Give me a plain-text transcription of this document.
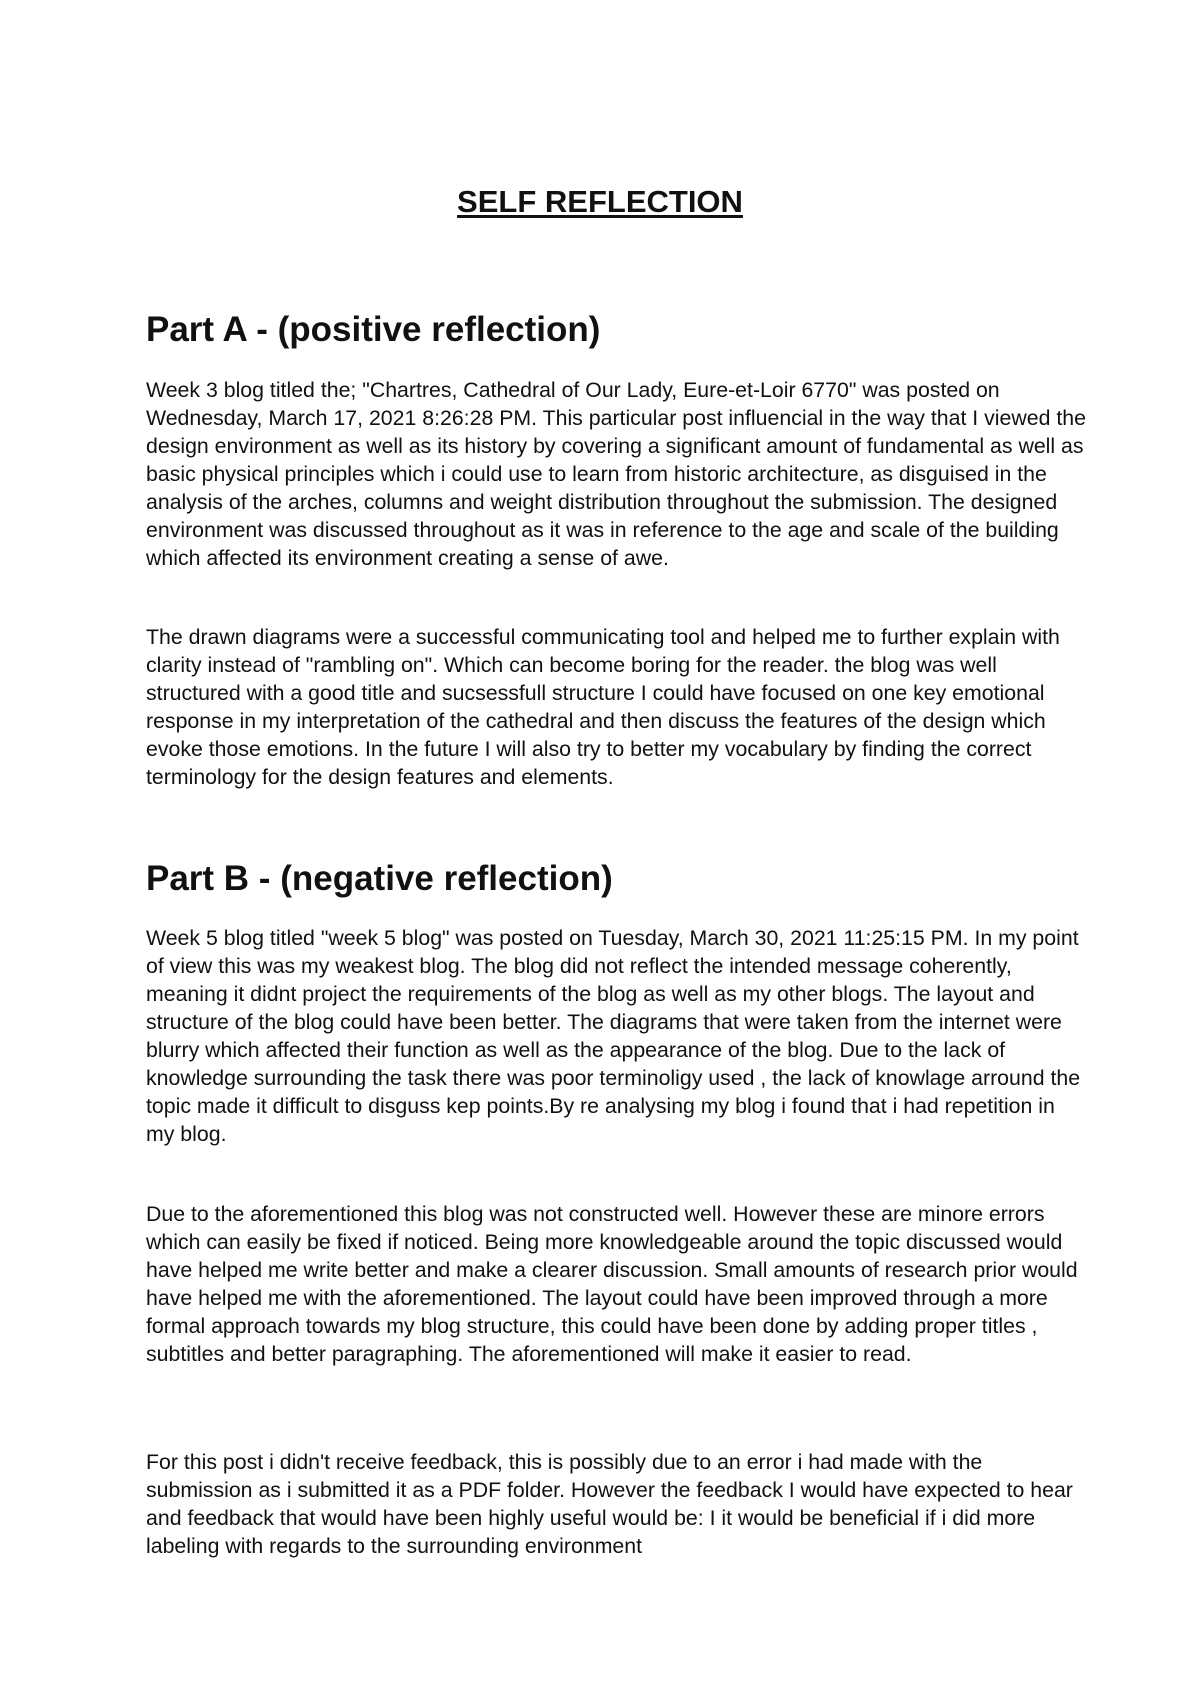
SELF REFLECTION
Part A - (positive reflection)

Week 3 blog titled the; "Chartres, Cathedral of Our Lady, Eure-et-Loir 6770" was posted on Wednesday, March 17, 2021 8:26:28 PM. This particular post influencial in the way that I viewed the design environment as well as its history by covering a significant amount of fundamental as well as basic physical principles which i could use to learn from historic architecture, as disguised in the analysis of the arches, columns and weight distribution throughout the submission. The designed environment was discussed throughout as it was in reference to the age and scale of the building which affected its environment creating a sense of awe.

The drawn diagrams were a successful communicating tool and helped me to further explain with clarity instead of "rambling on". Which can become boring for the reader. the blog was well structured with a good title and sucsessfull structure I could have focused on one key emotional response in my interpretation of the cathedral and then discuss the features of the design which evoke those emotions. In the future I will also try to better my vocabulary by finding the correct terminology for the design features and elements.

Part B - (negative reflection)

Week 5 blog titled "week 5 blog" was posted on Tuesday, March 30, 2021 11:25:15 PM. In my point of view this was my weakest blog. The blog did not reflect the intended message coherently, meaning it didnt project the requirements of the blog as well as my other blogs. The layout and structure of the blog could have been better. The diagrams that were taken from the internet were blurry which affected their function as well as the appearance of the blog. Due to the lack of knowledge surrounding the task there was poor terminoligy used , the lack of knowlage arround the topic made it difficult to disguss kep points.By re analysing my blog i found that i had repetition in my blog.

Due to the aforementioned this blog was not constructed well. However these are minore errors which can easily be fixed if noticed. Being more knowledgeable around the topic discussed would have helped me write better and make a clearer discussion. Small amounts of research prior would have helped me with the aforementioned. The layout could have been improved through a more formal approach towards my blog structure, this could have been done by adding proper titles , subtitles and better paragraphing. The aforementioned will make it easier to read.

For this post i didn't receive feedback, this is possibly due to an error i had made with the submission as i submitted it as a PDF folder. However the feedback I would have expected to hear and feedback that would have been highly useful would be: I it would be beneficial if i did more labeling with regards to the surrounding environment
